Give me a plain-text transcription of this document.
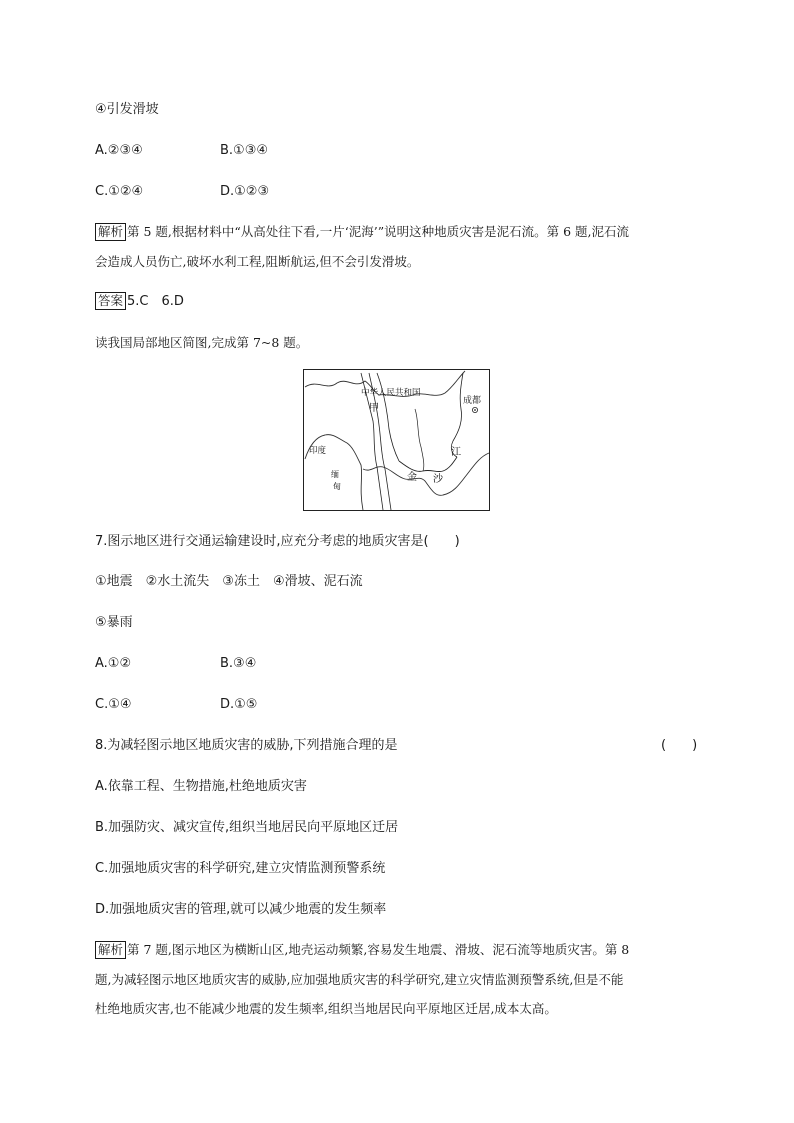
④引发滑坡
A.②③④	B.①③④
C.①②④	D.①②③
解析 第 5 题,根据材料中“从高处往下看,一片‘泥海’”说明这种地质灾害是泥石流。第 6 题,泥石流
会造成人员伤亡,破坏水利工程,阻断航运,但不会引发滑坡。
答案 5.C　6.D
读我国局部地区简图,完成第 7~8 题。
中华人民共和国
甲
成都
印度
缅
甸
金 沙
江
7.图示地区进行交通运输建设时,应充分考虑的地质灾害是(　　)
①地震　②水土流失　③冻土　④滑坡、泥石流
⑤暴雨
A.①②	B.③④
C.①④	D.①⑤
8.为减轻图示地区地质灾害的威胁,下列措施合理的是	(　　)
A.依靠工程、生物措施,杜绝地质灾害
B.加强防灾、减灾宣传,组织当地居民向平原地区迁居
C.加强地质灾害的科学研究,建立灾情监测预警系统
D.加强地质灾害的管理,就可以减少地震的发生频率
解析 第 7 题,图示地区为横断山区,地壳运动频繁,容易发生地震、滑坡、泥石流等地质灾害。第 8
题,为减轻图示地区地质灾害的威胁,应加强地质灾害的科学研究,建立灾情监测预警系统,但是不能
杜绝地质灾害,也不能减少地震的发生频率,组织当地居民向平原地区迁居,成本太高。
